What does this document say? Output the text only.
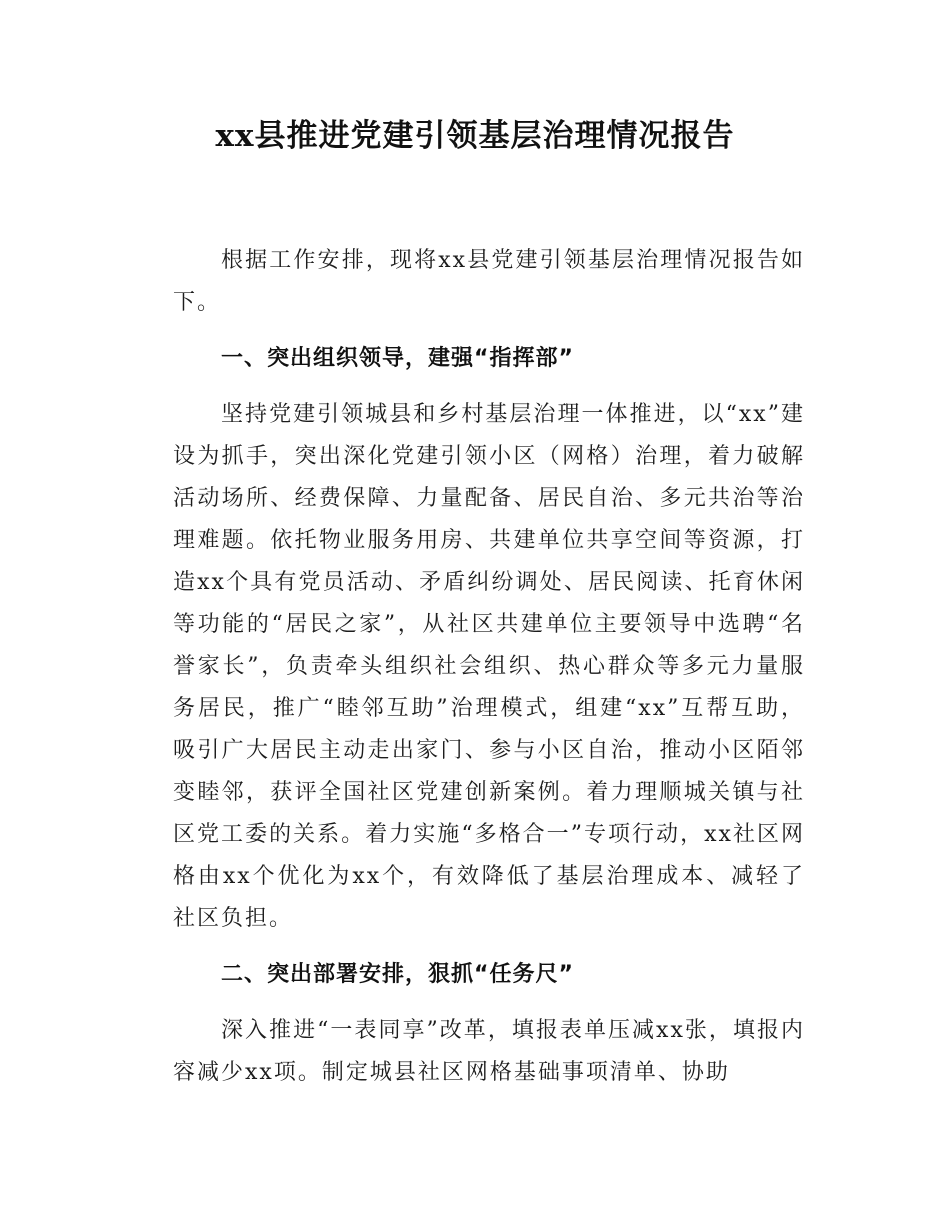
xx县推进党建引领基层治理情况报告

根据工作安排，现将xx县党建引领基层治理情况报告如下。

一、突出组织领导，建强“指挥部”

坚持党建引领城县和乡村基层治理一体推进，以“xx”建设为抓手，突出深化党建引领小区（网格）治理，着力破解活动场所、经费保障、力量配备、居民自治、多元共治等治理难题。依托物业服务用房、共建单位共享空间等资源，打造xx个具有党员活动、矛盾纠纷调处、居民阅读、托育休闲等功能的“居民之家”，从社区共建单位主要领导中选聘“名誉家长”，负责牵头组织社会组织、热心群众等多元力量服务居民，推广“睦邻互助”治理模式，组建“xx”互帮互助，吸引广大居民主动走出家门、参与小区自治，推动小区陌邻变睦邻，获评全国社区党建创新案例。着力理顺城关镇与社区党工委的关系。着力实施“多格合一”专项行动，xx社区网格由xx个优化为xx个，有效降低了基层治理成本、减轻了社区负担。

二、突出部署安排，狠抓“任务尺”

深入推进“一表同享”改革，填报表单压减xx张，填报内容减少xx项。制定城县社区网格基础事项清单、协助
